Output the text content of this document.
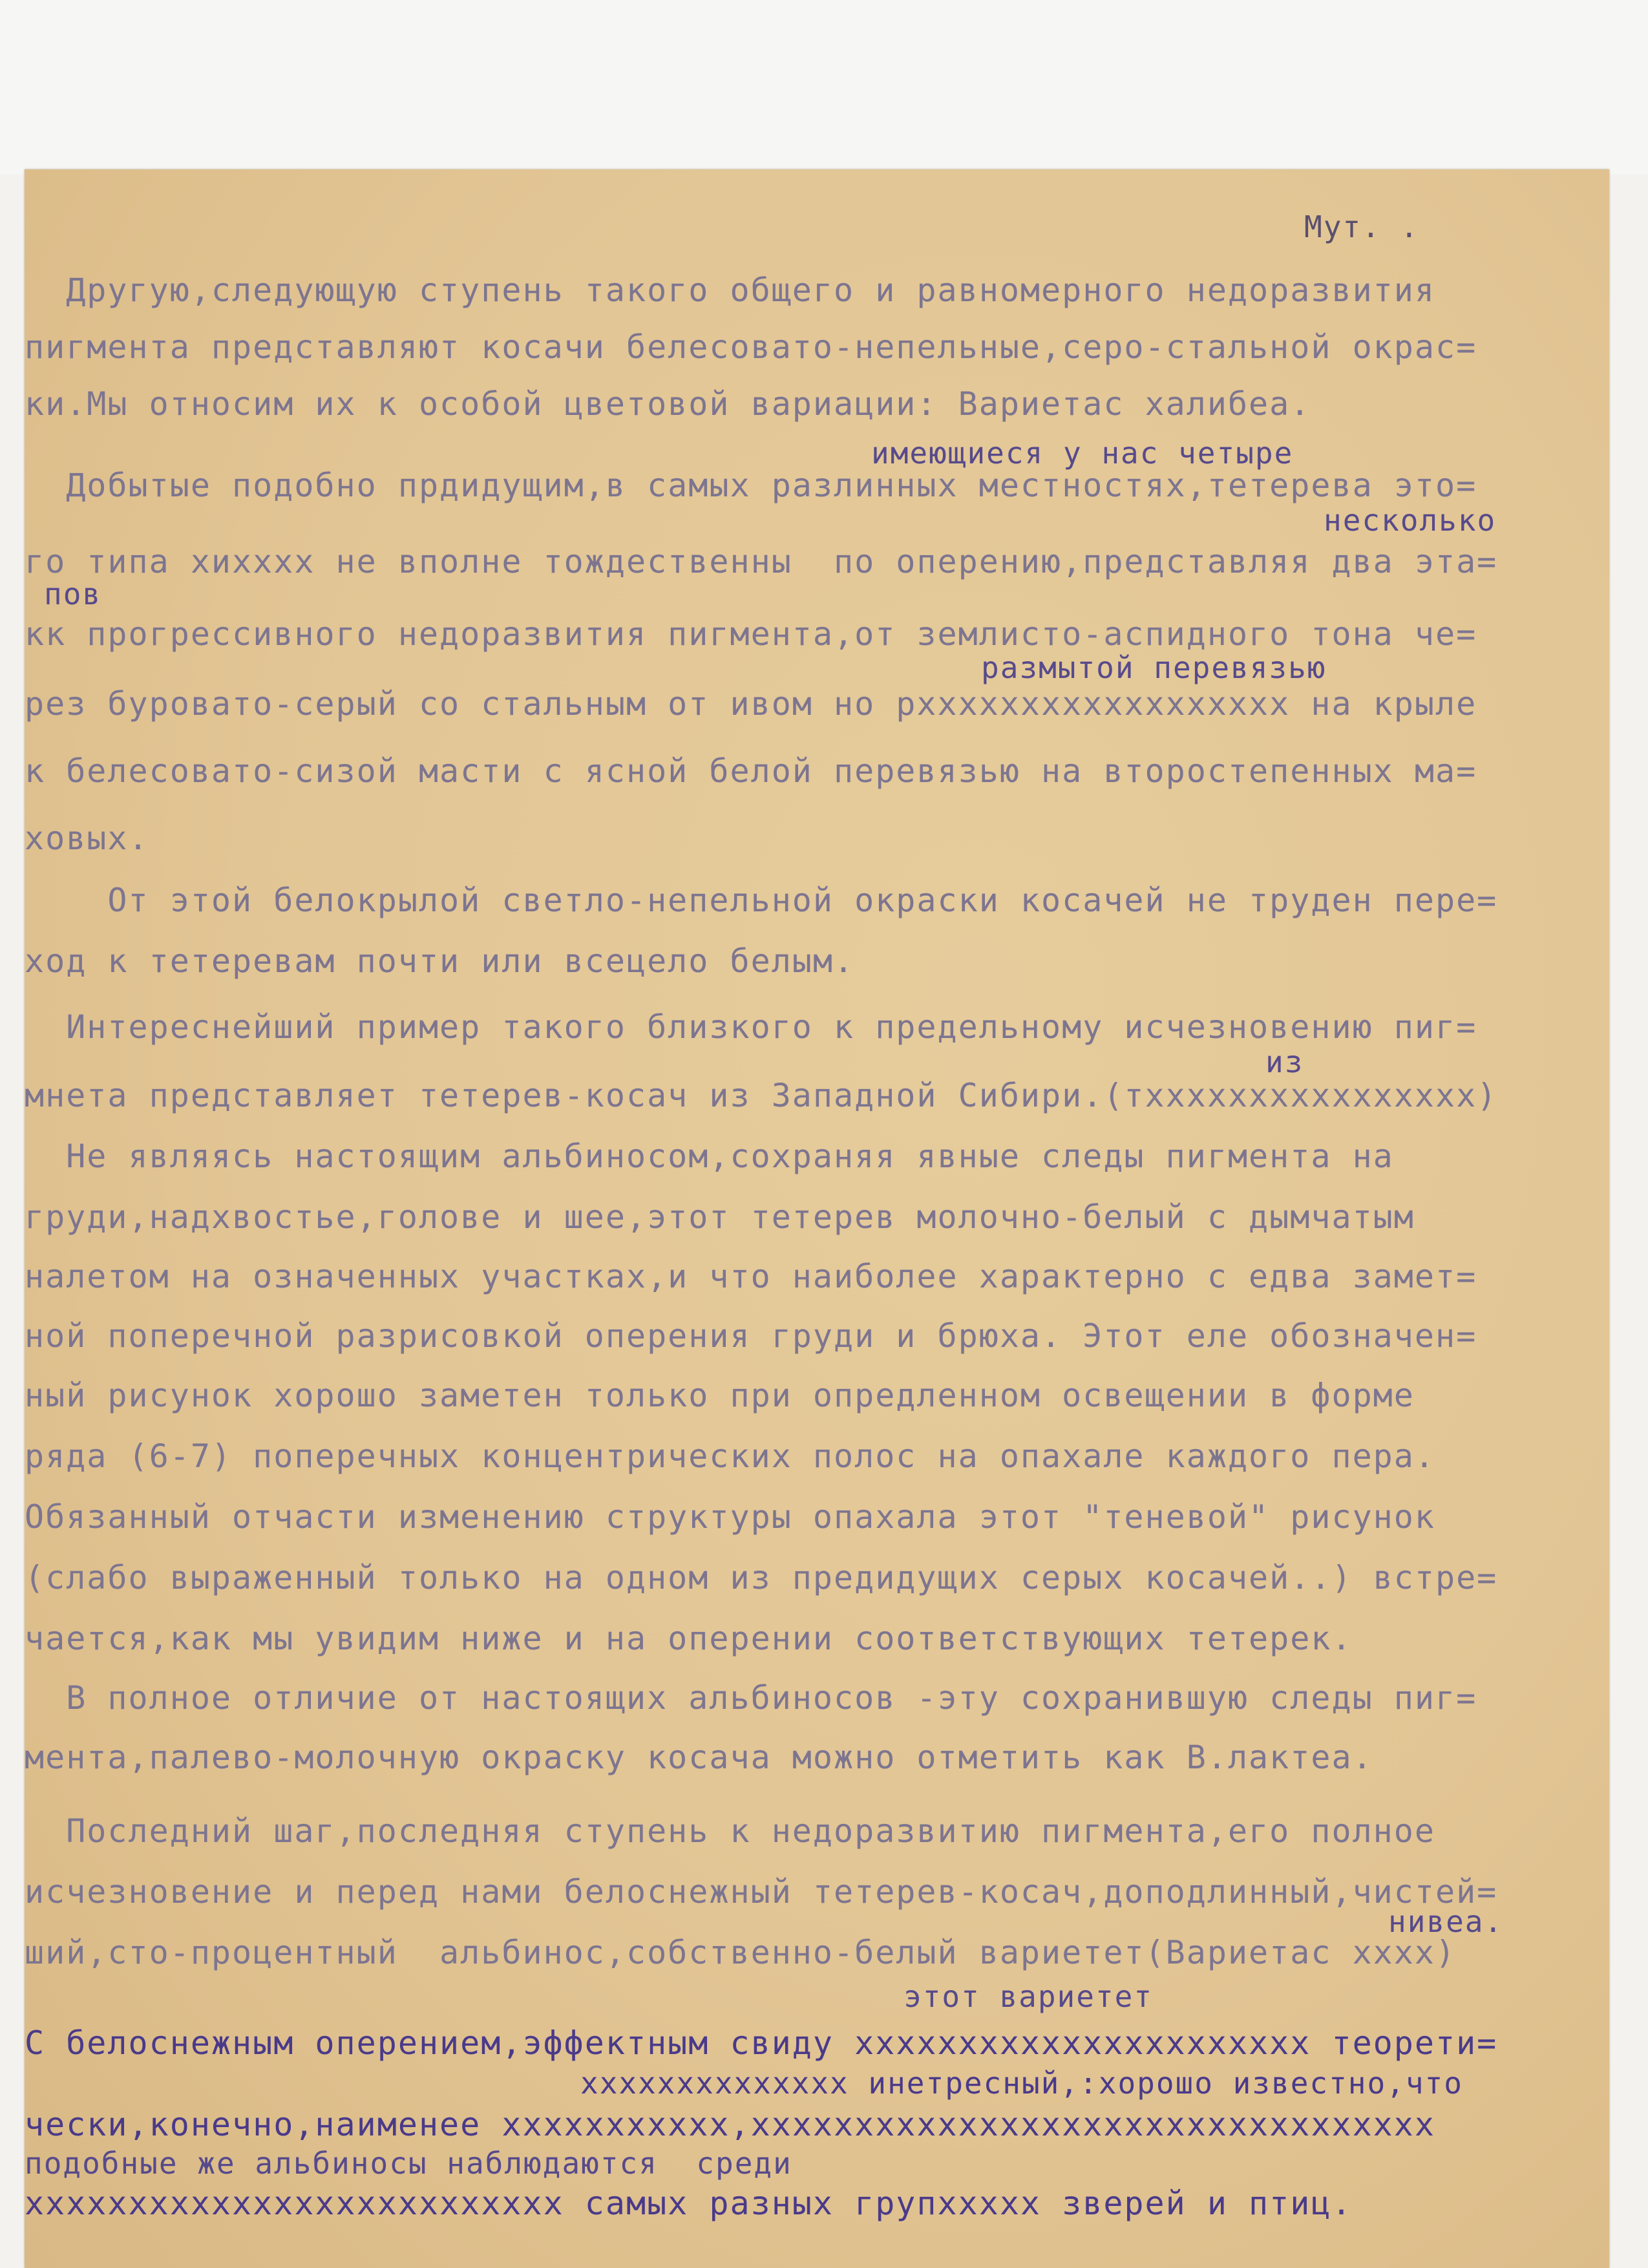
Мут. .
Другую,следующую ступень такого общего и равномерного недоразвития
пигмента представляют косачи белесовато-непельные,серо-стальной окрас=
ки.Мы относим их к особой цветовой вариации: Вариетас халибеа.
Добытые подобно прдидущим,в самых разлинных местностях,тетерева это=
го типа xиxxxx не вполне тождественны  по оперению,представляя два эта=
кк прогрессивного недоразвития пигмента,от землисто-аспидного тона че=
рез буровато-серый со стальным от ивом но рxxxxxxxxxxxxxxxxxx на крыле
к белесовато-сизой масти с ясной белой перевязью на второстепенных ма=
ховых.
От этой белокрылой светло-непельной окраски косачей не труден пере=
ход к тетеревам почти или всецело белым.
Интереснейший пример такого близкого к предельному исчезновению пиг=
мнета представляет тетерев-косач из Западной Сибири.(тxxxxxxxxxxxxxxxx)
Не являясь настоящим альбиносом,сохраняя явные следы пигмента на
груди,надхвостье,голове и шее,этот тетерев молочно-белый с дымчатым
налетом на означенных участках,и что наиболее характерно с едва замет=
ной поперечной разрисовкой оперения груди и брюха. Этот еле обозначен=
ный рисунок хорошо заметен только при опредленном освещении в форме
ряда (6-7) поперечных концентрических полос на опахале каждого пера.
Обязанный отчасти изменению структуры опахала этот "теневой" рисунок
(слабо выраженный только на одном из предидущих серых косачей..) встре=
чается,как мы увидим ниже и на оперении соответствующих тетерек.
В полное отличие от настоящих альбиносов -эту сохранившую следы пиг=
мента,палево-молочную окраску косача можно отметить как В.лактеа.
Последний шаг,последняя ступень к недоразвитию пигмента,его полное
исчезновение и перед нами белоснежный тетерев-косач,доподлинный,чистей=
ший,сто-процентный  альбинос,собственно-белый вариетет(Вариетас xxxx)
С белоснежным оперением,эффектным свиду xxxxxxxxxxxxxxxxxxxxxx теорети=
чески,конечно,наименее xxxxxxxxxxx,xxxxxxxxxxxxxxxxxxxxxxxxxxxxxxxxx
xxxxxxxxxxxxxxxxxxxxxxxxxx самых разных групxxxxx зверей и птиц.
имеющиеся у нас четыре
несколько
пов
размытой перевязью
из
нивеа.
этот вариетет
xxxxxxxxxxxxxx инетресный,:хорошо известно,что
подобные же альбиносы наблюдаются  среди
